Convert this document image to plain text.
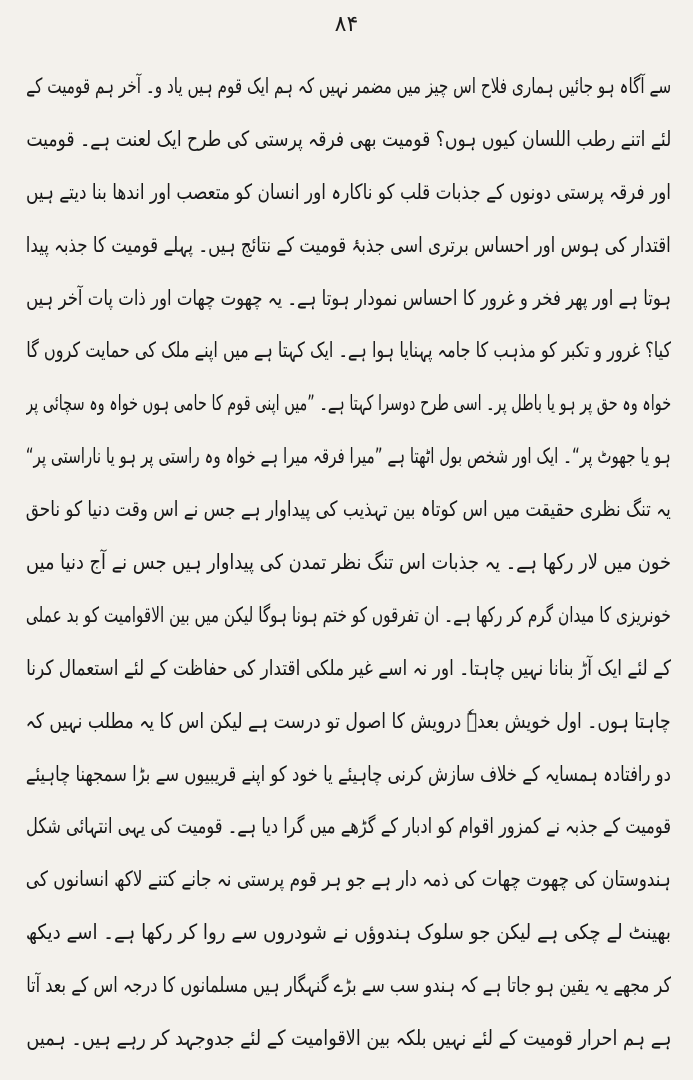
۸۴
سے آگاہ ہو جائیں ہماری فلاح اس چیز میں مضمر نہیں کہ ہم ایک قوم ہیں یاد و۔ آخر ہم قومیت کے
لئے اتنے رطب اللسان کیوں ہوں؟ قومیت بھی فرقہ پرستی کی طرح ایک لعنت ہے۔ قومیت
اور فرقہ پرستی دونوں کے جذبات قلب کو ناکارہ اور انسان کو متعصب اور اندھا بنا دیتے ہیں
اقتدار کی ہوس اور احساس برتری اسی جذبۂ قومیت کے نتائج ہیں۔ پہلے قومیت کا جذبہ پیدا
ہوتا ہے اور پھر فخر و غرور کا احساس نمودار ہوتا ہے۔ یہ چھوت چھات اور ذات پات آخر ہیں
کیا؟ غرور و تکبر کو مذہب کا جامہ پہنایا ہوا ہے۔ ایک کہتا ہے میں اپنے ملک کی حمایت کروں گا
خواہ وہ حق پر ہو یا باطل پر۔ اسی طرح دوسرا کہتا ہے۔ ”میں اپنی قوم کا حامی ہوں خواہ وہ سچائی پر
ہو یا جھوٹ پر“۔ ایک اور شخص بول اٹھتا ہے ”میرا فرقہ میرا ہے خواہ وہ راستی پر ہو یا ناراستی پر“
یہ تنگ نظری حقیقت میں اس کوتاہ بین تہذیب کی پیداوار ہے جس نے اس وقت دنیا کو ناحق
خون میں لار رکھا ہے۔ یہ جذبات اس تنگ نظر تمدن کی پیداوار ہیں جس نے آج دنیا میں
خونریزی کا میدان گرم کر رکھا ہے۔ ان تفرقوں کو ختم ہونا ہوگا لیکن میں بین الاقوامیت کو بد عملی
کے لئے ایک آڑ بنانا نہیں چاہتا۔ اور نہ اسے غیر ملکی اقتدار کی حفاظت کے لئے استعمال کرنا
چاہتا ہوں۔ اول خویش بعدہٗ درویش کا اصول تو درست ہے لیکن اس کا یہ مطلب نہیں کہ
دو رافتادہ ہمسایہ کے خلاف سازش کرنی چاہیئے یا خود کو اپنے قریبیوں سے بڑا سمجھنا چاہیئے
قومیت کے جذبہ نے کمزور اقوام کو ادبار کے گڑھے میں گرا دیا ہے۔ قومیت کی یہی انتہائی شکل
ہندوستان کی چھوت چھات کی ذمہ دار ہے جو ہر قوم پرستی نہ جانے کتنے لاکھ انسانوں کی
بھینٹ لے چکی ہے لیکن جو سلوک ہندوؤں نے شودروں سے روا کر رکھا ہے۔ اسے دیکھ
کر مجھے یہ یقین ہو جاتا ہے کہ ہندو سب سے بڑے گنہگار ہیں مسلمانوں کا درجہ اس کے بعد آتا
ہے ہم احرار قومیت کے لئے نہیں بلکہ بین الاقوامیت کے لئے جدوجہد کر رہے ہیں۔ ہمیں
